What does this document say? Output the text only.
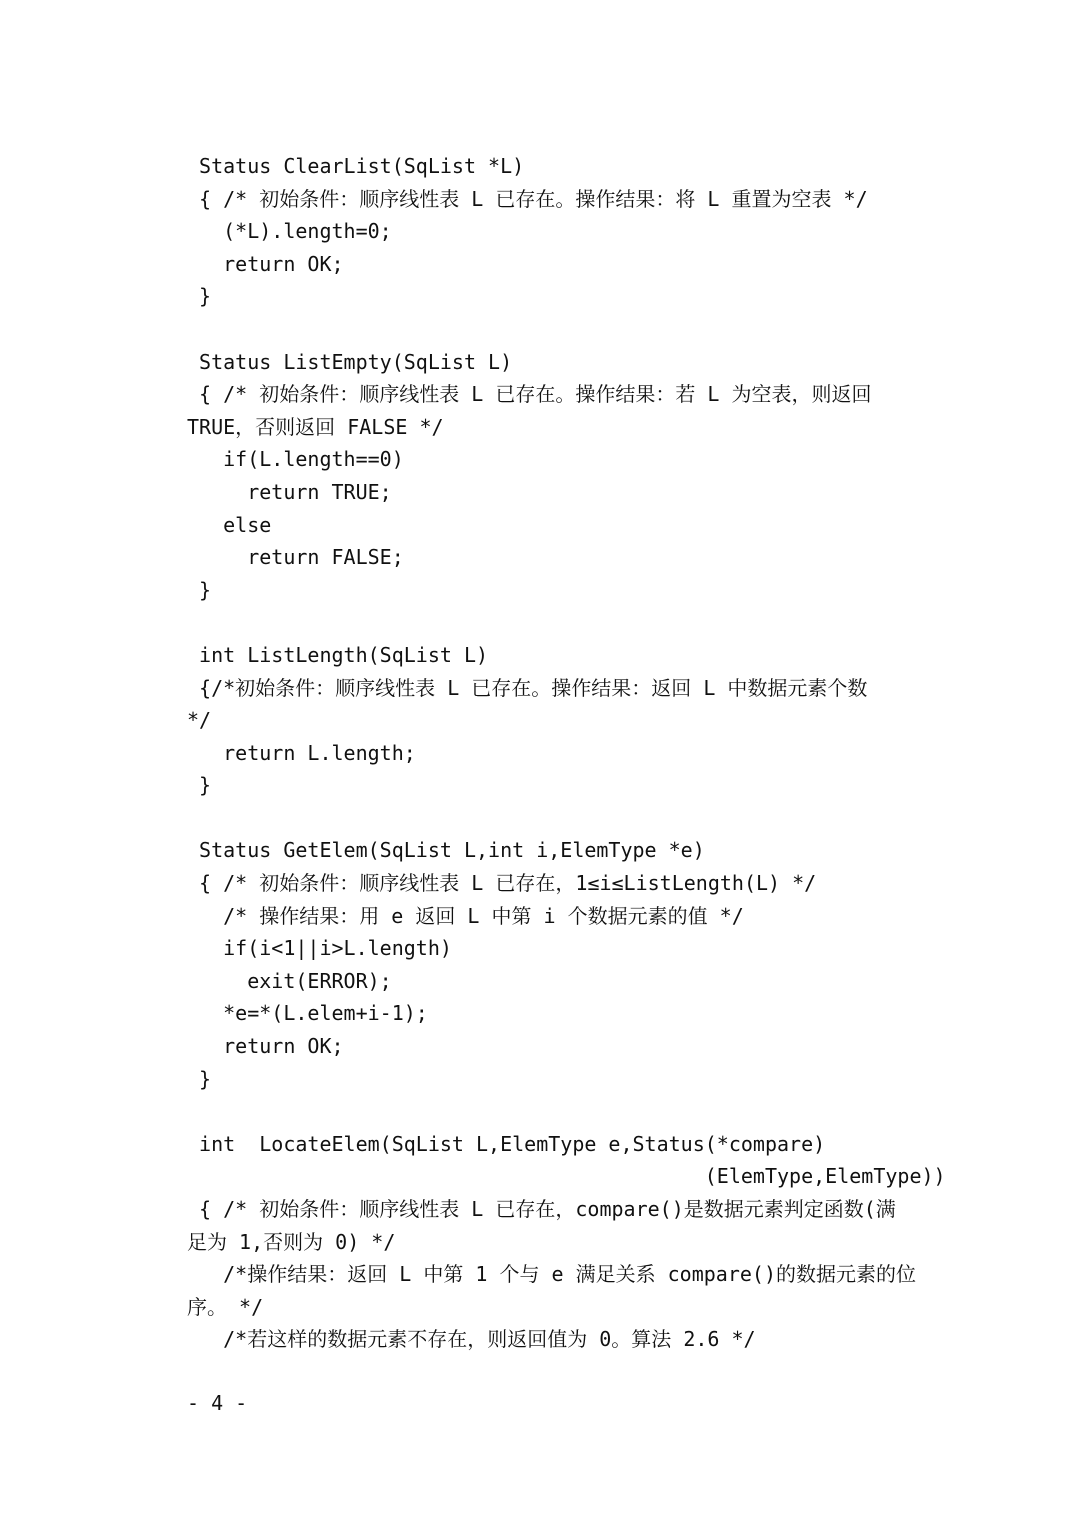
Status ClearList(SqList *L)
{ /* 初始条件：顺序线性表 L 已存在。操作结果：将 L 重置为空表 */
(*L).length=0;
return OK;
}
Status ListEmpty(SqList L)
{ /* 初始条件：顺序线性表 L 已存在。操作结果：若 L 为空表，则返回
TRUE，否则返回 FALSE */
if(L.length==0)
return TRUE;
else
return FALSE;
}
int ListLength(SqList L)
{/*初始条件：顺序线性表 L 已存在。操作结果：返回 L 中数据元素个数
*/
return L.length;
}
Status GetElem(SqList L,int i,ElemType *e)
{ /* 初始条件：顺序线性表 L 已存在，1≤i≤ListLength(L) */
/* 操作结果：用 e 返回 L 中第 i 个数据元素的值 */
if(i<1||i>L.length)
exit(ERROR);
*e=*(L.elem+i-1);
return OK;
}
int  LocateElem(SqList L,ElemType e,Status(*compare)
(ElemType,ElemType))
{ /* 初始条件：顺序线性表 L 已存在，compare()是数据元素判定函数(满
足为 1,否则为 0) */
/*操作结果：返回 L 中第 1 个与 e 满足关系 compare()的数据元素的位
序。 */
/*若这样的数据元素不存在，则返回值为 0。算法 2.6 */
- 4 -
